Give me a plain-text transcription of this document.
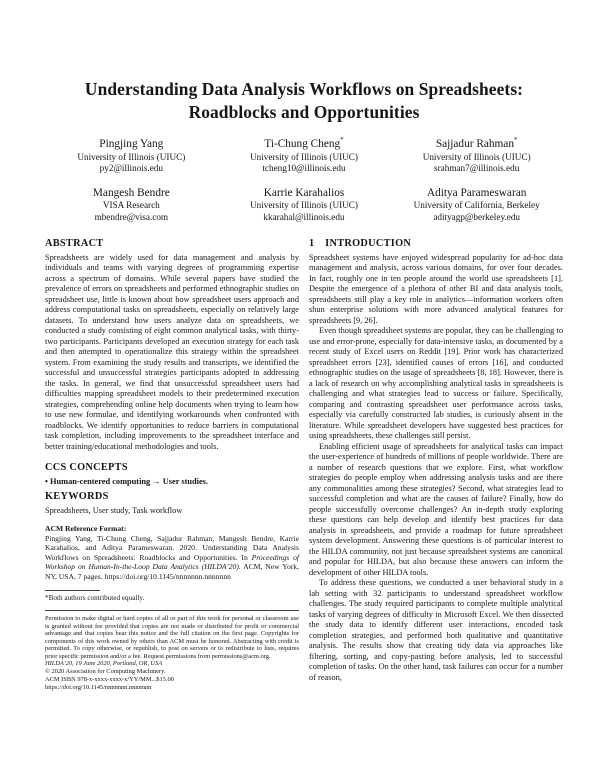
Understanding Data Analysis Workflows on Spreadsheets:
Roadblocks and Opportunities
Pingjing Yang
University of Illinois (UIUC)
py2@illinois.edu
Ti-Chung Cheng*
University of Illinois (UIUC)
tcheng10@illinois.edu
Sajjadur Rahman*
University of Illinois (UIUC)
srahman7@illinois.edu
Mangesh Bendre
VISA Research
mbendre@visa.com
Karrie Karahalios
University of Illinois (UIUC)
kkarahal@illinois.edu
Aditya Parameswaran
University of California, Berkeley
adityagp@berkeley.edu
ABSTRACT

Spreadsheets are widely used for data management and analysis by individuals and teams with varying degrees of programming expertise across a spectrum of domains. While several papers have studied the prevalence of errors on spreadsheets and performed ethnographic studies on spreadsheet use, little is known about how spreadsheet users approach and address computational tasks on spreadsheets, especially on relatively large datasets. To understand how users analyze data on spreadsheets, we conducted a study consisting of eight common analytical tasks, with thirty-two participants. Participants developed an execution strategy for each task and then attempted to operationalize this strategy within the spreadsheet system. From examining the study results and transcripts, we identified the successful and unsuccessful strategies participants adopted in addressing the tasks. In general, we find that unsuccessful spreadsheet users had difficulties mapping spreadsheet models to their predetermined execution strategies, comprehending online help documents when trying to learn how to use new formulae, and identifying workarounds when confronted with roadblocks. We identify opportunities to reduce barriers in computational task completion, including improvements to the spreadsheet interface and better training/educational methodologies and tools.

CCS CONCEPTS

• Human-centered computing → User studies.

KEYWORDS

Spreadsheets, User study, Task workflow

ACM Reference Format:
Pingjing Yang, Ti-Chung Cheng, Sajjadur Rahman, Mangesh Bendre, Karrie Karahalios, and Aditya Parameswaran. 2020. Understanding Data Analysis Workflows on Spreadsheets: Roadblocks and Opportunities. In Proceedings of Workshop on Human-In-the-Loop Data Analytics (HILDA’20). ACM, New York, NY, USA, 7 pages. https://doi.org/10.1145/nnnnnnn.nnnnnnn

*Both authors contributed equally.

Permission to make digital or hard copies of all or part of this work for personal or classroom use is granted without fee provided that copies are not made or distributed for profit or commercial advantage and that copies bear this notice and the full citation on the first page. Copyrights for components of this work owned by others than ACM must be honored. Abstracting with credit is permitted. To copy otherwise, or republish, to post on servers or to redistribute to lists, requires prior specific permission and/or a fee. Request permissions from permissions@acm.org.

HILDA’20, 19 June 2020, Portland, OR, USA

© 2020 Association for Computing Machinery.

ACM ISBN 978-x-xxxx-xxxx-x/YY/MM...$15.00

https://doi.org/10.1145/nnnnnnn.nnnnnnn

1 INTRODUCTION

Spreadsheet systems have enjoyed widespread popularity for ad-hoc data management and analysis, across various domains, for over four decades. In fact, roughly one in ten people around the world use spreadsheets [1]. Despite the emergence of a plethora of other BI and data analysis tools, spreadsheets still play a key role in analytics—information workers often shun enterprise solutions with more advanced analytical features for spreadsheets [9, 26].

Even though spreadsheet systems are popular, they can be challenging to use and error-prone, especially for data-intensive tasks, as documented by a recent study of Excel users on Reddit [19]. Prior work has characterized spreadsheet errors [23], identified causes of errors [16], and conducted ethnographic studies on the usage of spreadsheets [8, 18]. However, there is a lack of research on why accomplishing analytical tasks in spreadsheets is challenging and what strategies lead to success or failure. Specifically, comparing and contrasting spreadsheet user performance across tasks, especially via carefully constructed lab studies, is curiously absent in the literature. While spreadsheet developers have suggested best practices for using spreadsheets, these challenges still persist.

Enabling efficient usage of spreadsheets for analytical tasks can impact the user-experience of hundreds of millions of people worldwide. There are a number of research questions that we explore. First, what workflow strategies do people employ when addressing analysis tasks and are there any commonalities among these strategies? Second, what strategies lead to successful completion and what are the causes of failure? Finally, how do people successfully overcome challenges? An in-depth study exploring these questions can help develop and identify best practices for data analysis in spreadsheets, and provide a roadmap for future spreadsheet system development. Answering these questions is of particular interest to the HILDA community, not just because spreadsheet systems are canonical and popular for HILDA, but also because these answers can inform the development of other HILDA tools.

To address these questions, we conducted a user behavioral study in a lab setting with 32 participants to understand spreadsheet workflow challenges. The study required participants to complete multiple analytical tasks of varying degrees of difficulty in Microsoft Excel. We then dissected the study data to identify different user interactions, encoded task completion strategies, and performed both qualitative and quantitative analysis. The results show that creating tidy data via approaches like filtering, sorting, and copy-pasting before analysis, led to successful completion of tasks. On the other hand, task failures can occur for a number of reason,
